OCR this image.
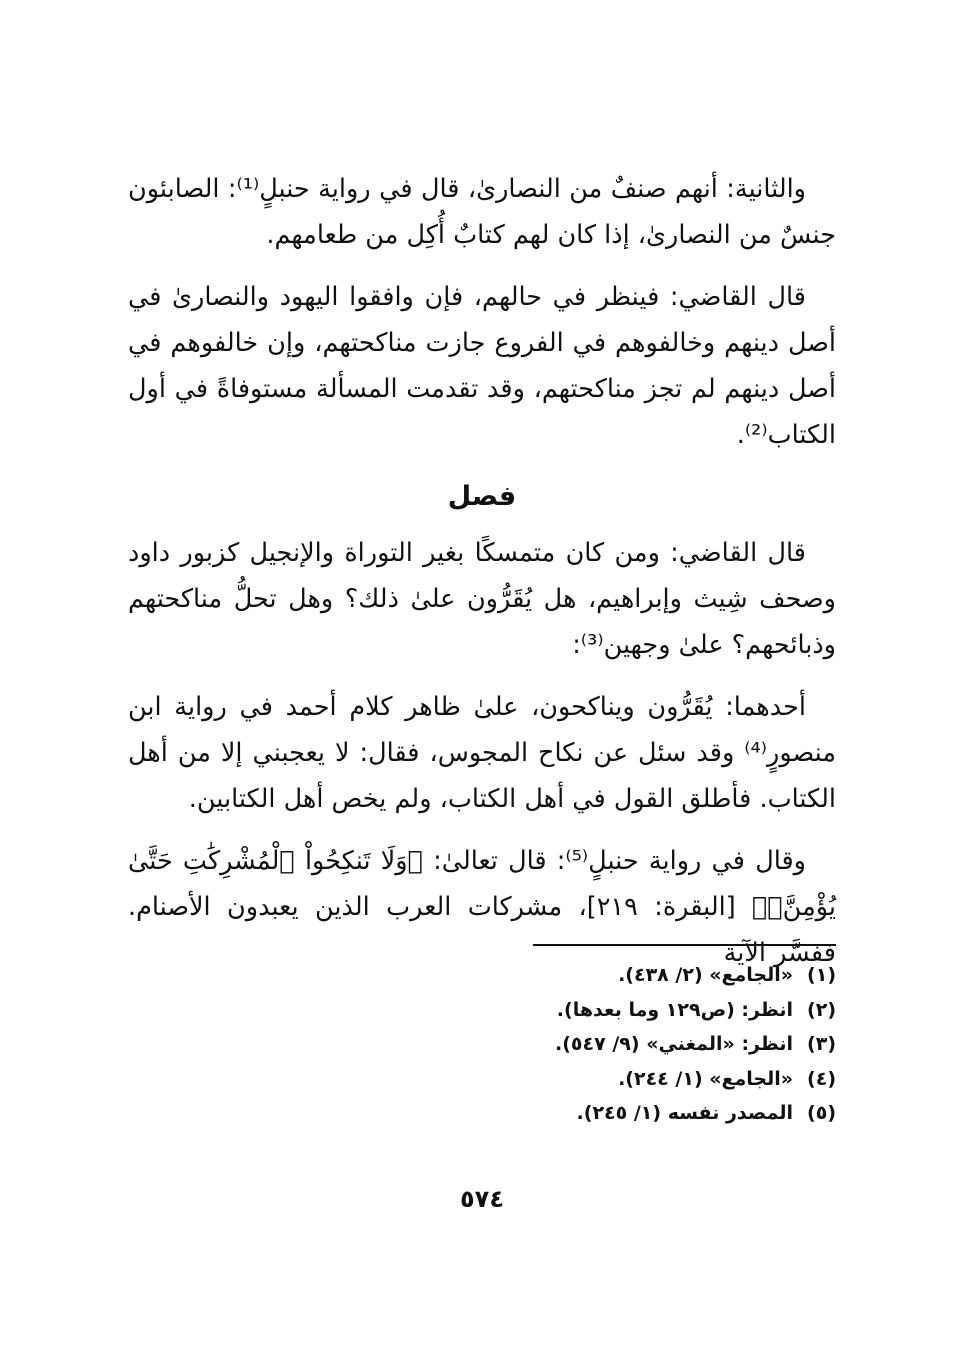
والثانية: أنهم صنفٌ من النصارىٰ، قال في رواية حنبلٍ⁽¹⁾: الصابئون جنسٌ من النصارىٰ، إذا كان لهم كتابٌ أُكِل من طعامهم.

قال القاضي: فينظر في حالهم، فإن وافقوا اليهود والنصارىٰ في أصل دينهم وخالفوهم في الفروع جازت مناكحتهم، وإن خالفوهم في أصل دينهم لم تجز مناكحتهم، وقد تقدمت المسألة مستوفاةً في أول الكتاب⁽²⁾.

فصل

قال القاضي: ومن كان متمسكًا بغير التوراة والإنجيل كزبور داود وصحف شِيث وإبراهيم، هل يُقَرُّون علىٰ ذلك؟ وهل تحلُّ مناكحتهم وذبائحهم؟ علىٰ وجهين⁽³⁾:

أحدهما: يُقَرُّون ويناكحون، علىٰ ظاهر كلام أحمد في رواية ابن منصورٍ⁽⁴⁾ وقد سئل عن نكاح المجوس، فقال: لا يعجبني إلا من أهل الكتاب. فأطلق القول في أهل الكتاب، ولم يخص أهل الكتابين.

وقال في رواية حنبلٍ⁽⁵⁾: قال تعالىٰ: ﴿وَلَا تَنكِحُواْ ٱلْمُشْرِكَٰتِ حَتَّىٰ يُؤْمِنَّۚ﴾ [البقرة: ٢١٩]، مشركات العرب الذين يعبدون الأصنام. ففسَّر الآية

(١)
«الجامع» (٢/ ٤٣٨).
(٢)
انظر: (ص١٢٩ وما بعدها).
(٣)
انظر: «المغني» (٩/ ٥٤٧).
(٤)
«الجامع» (١/ ٢٤٤).
(٥)
المصدر نفسه (١/ ٢٤٥).
٥٧٤
